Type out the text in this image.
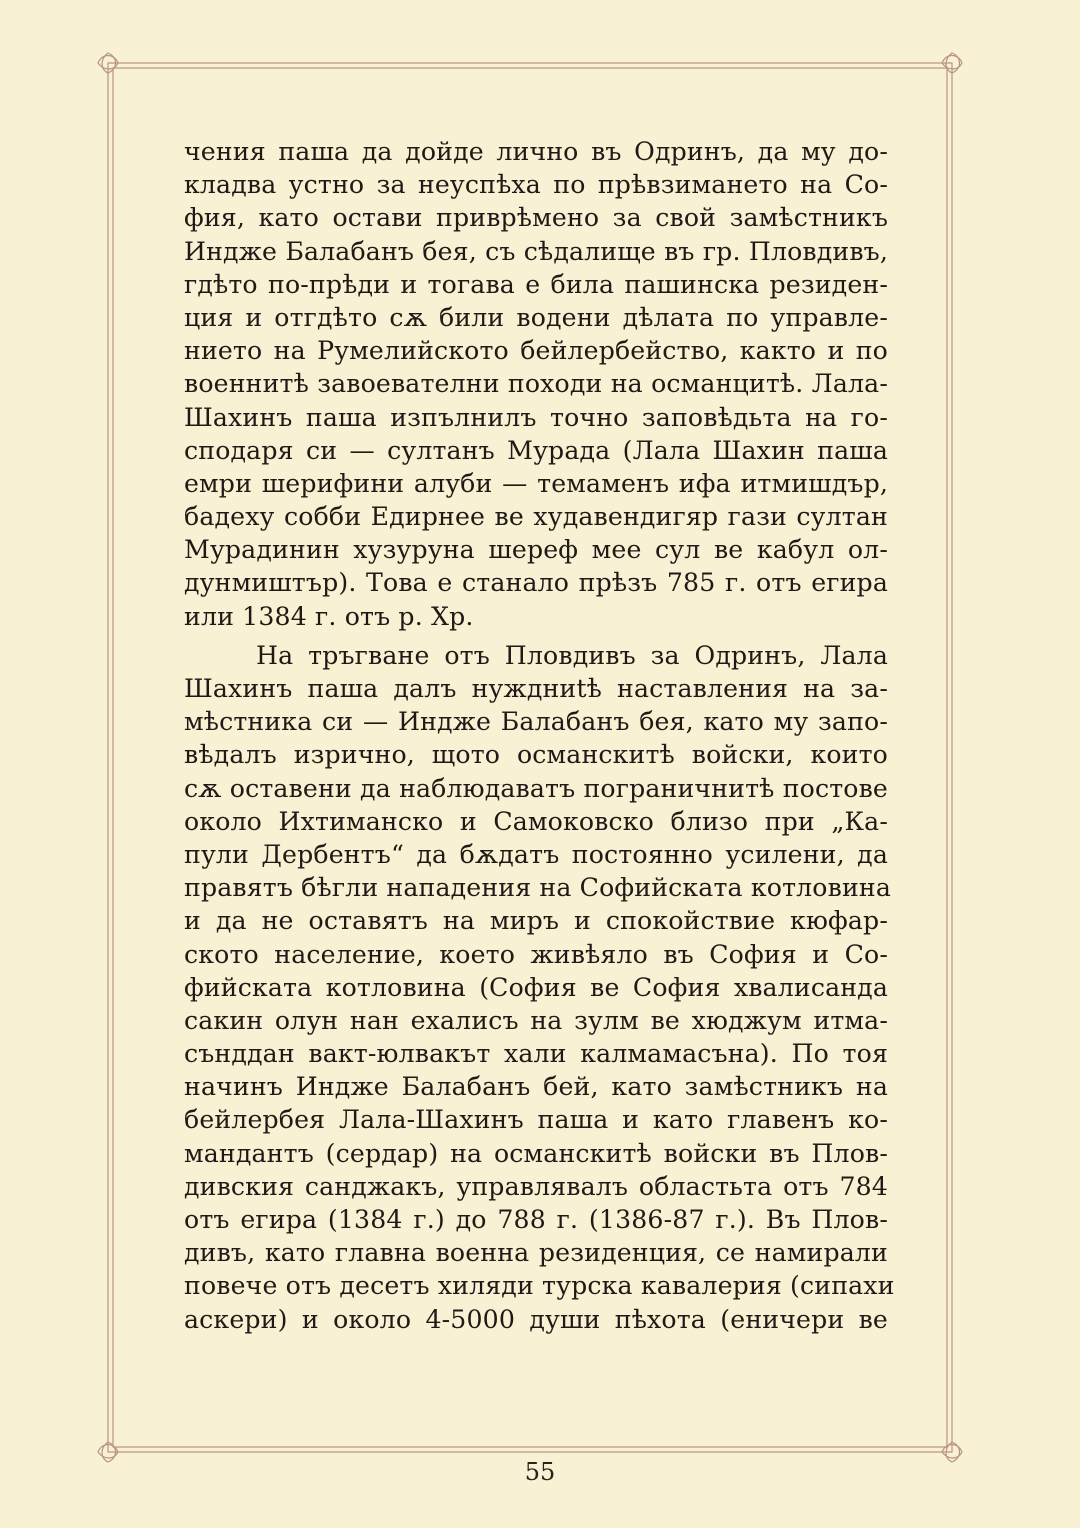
чения паша да дойде лично въ Одринъ, да му до-
кладва устно за неуспѣха по прѣвзимането на Со-
фия, като остави приврѣмено за свой замѣстникъ
Индже Балабанъ бея, съ сѣдалище въ гр. Пловдивъ,
гдѣто по-прѣди и тогава е била пашинска резиден-
ция и отгдѣто сѫ били водени дѣлата по управле-
нието на Румелийското бейлербейство, както и по
военнитѣ завоевателни походи на османцитѣ. Лала-
Шахинъ паша изпълнилъ точно заповѣдьта на го-
сподаря си — султанъ Мурада (Лала Шахин паша
емри шерифини алуби — темаменъ ифа итмишдър,
бадеху собби Едирнее ве худавендигяр гази султан
Мурадинин хузуруна шереф мее сул ве кабул ол-
дунмиштър). Това е станало прѣзъ 785 г. отъ егира
или 1384 г. отъ р. Хр.
На тръгване отъ Пловдивъ за Одринъ, Лала
Шахинъ паша далъ нуждниtѣ наставления на за-
мѣстника си — Индже Балабанъ бея, като му запо-
вѣдалъ изрично, щото османскитѣ войски, които
сѫ оставени да наблюдаватъ пограничнитѣ постове
около Ихтиманско и Самоковско близо при „Ка-
пули Дербентъ“ да бѫдатъ постоянно усилени, да
правятъ бѣгли нападения на Софийската котловина
и да не оставятъ на миръ и спокойствие кюфар-
ското население, което живѣяло въ София и Со-
фийската котловина (София ве София хвалисанда
сакин олун нан ехалисъ на зулм ве хюджум итма-
сънддан вакт-юлвакът хали калмамасъна). По тоя
начинъ Индже Балабанъ бей, като замѣстникъ на
бейлербея Лала-Шахинъ паша и като главенъ ко-
мандантъ (сердар) на османскитѣ войски въ Плов-
дивския санджакъ, управлявалъ областьта отъ 784
отъ егира (1384 г.) до 788 г. (1386-87 г.). Въ Плов-
дивъ, като главна военна резиденция, се намирали
повече отъ десетъ хиляди турска кавалерия (сипахи
аскери) и около 4-5000 души пѣхота (еничери ве
55
